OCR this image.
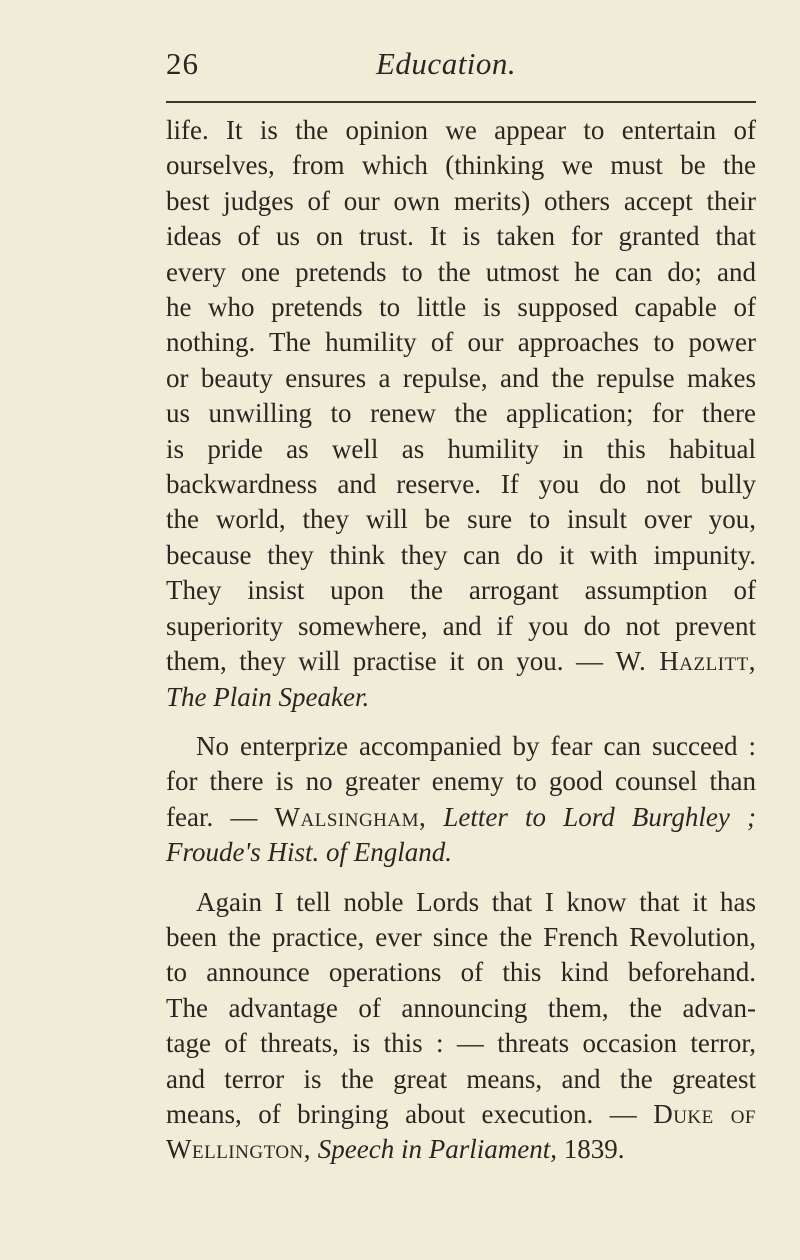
26	Education.
life. It is the opinion we appear to entertain of
ourselves, from which (thinking we must be the
best judges of our own merits) others accept their
ideas of us on trust. It is taken for granted that
every one pretends to the utmost he can do; and
he who pretends to little is supposed capable of
nothing. The humility of our approaches to power
or beauty ensures a repulse, and the repulse makes
us unwilling to renew the application; for there
is pride as well as humility in this habitual
backwardness and reserve. If you do not bully
the world, they will be sure to insult over you,
because they think they can do it with impunity.
They insist upon the arrogant assumption of
superiority somewhere, and if you do not prevent
them, they will practise it on you. — W. Hazlitt,
The Plain Speaker.
No enterprize accompanied by fear can succeed :
for there is no greater enemy to good counsel than
fear. — Walsingham, Letter to Lord Burghley ;
Froude's Hist. of England.
Again I tell noble Lords that I know that it has
been the practice, ever since the French Revolution,
to announce operations of this kind beforehand.
The advantage of announcing them, the advan-
tage of threats, is this : — threats occasion terror,
and terror is the great means, and the greatest
means, of bringing about execution. — Duke of
Wellington, Speech in Parliament, 1839.
